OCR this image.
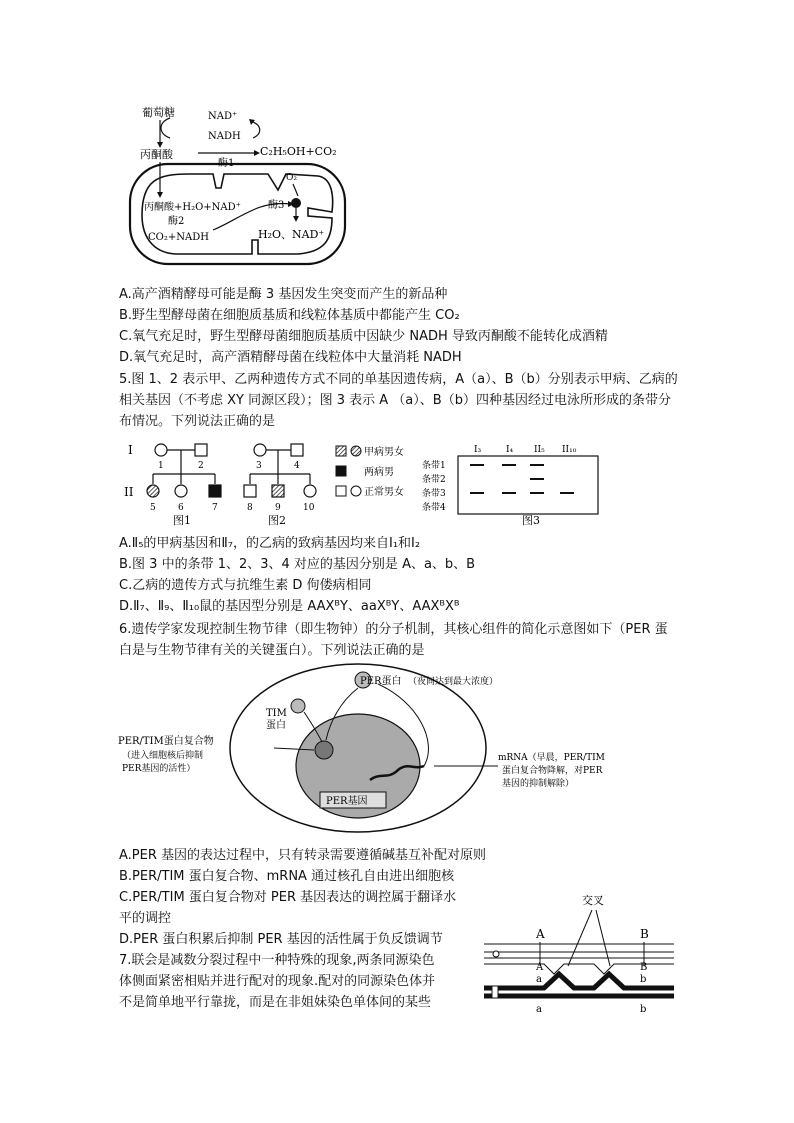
葡萄糖	NAD⁺
NADH
丙酮酸
酶1
C₂H₅OH+CO₂
O₂
丙酮酸+H₂O+NAD⁺
酶2
CO₂+NADH
酶3
H₂O、NAD⁺
A.高产酒精酵母可能是酶 3 基因发生突变而产生的新品种
B.野生型酵母菌在细胞质基质和线粒体基质中都能产生 CO₂
C.氧气充足时，野生型酵母菌细胞质基质中因缺少 NADH 导致丙酮酸不能转化成酒精
D.氧气充足时，高产酒精酵母菌在线粒体中大量消耗 NADH
5.图 1、2 表示甲、乙两种遗传方式不同的单基因遗传病，A（a）、B（b）分别表示甲病、乙病的相关基因（不考虑 XY 同源区段）；图 3 表示 A （a）、B（b）四种基因经过电泳所形成的条带分布情况。下列说法正确的是
I
II
1	2
5 6	7
图1
3	4
8 9 10
图2
甲病男女
两病男
正常男女
I₃	I₄ II₅ II₁₀
条带1
条带2
条带3
条带4
图3
A.Ⅱ₅的甲病基因和Ⅱ₇，的乙病的致病基因均来自Ⅰ₁和Ⅰ₂
B.图 3 中的条带 1、2、3、4 对应的基因分别是 A、a、b、B
C.乙病的遗传方式与抗维生素 D 佝偻病相同
D.Ⅱ₇、Ⅱ₉、Ⅱ₁₀鼠的基因型分别是 AAXᴮY、aaXᴮY、AAXᴮXᴮ
6.遗传学家发现控制生物节律（即生物钟）的分子机制，其核心组件的简化示意图如下（PER 蛋白是与生物节律有关的关键蛋白）。下列说法正确的是
PER基因
PER蛋白 （夜间达到最大浓度）
TIM
蛋白
PER/TIM蛋白复合物
（进入细胞核后抑制
PER基因的活性）
mRNA（早晨，PER/TIM
蛋白复合物降解，对PER
基因的抑制解除）
A.PER 基因的表达过程中，只有转录需要遵循碱基互补配对原则
B.PER/TIM 蛋白复合物、mRNA 通过核孔自由进出细胞核
C.PER/TIM 蛋白复合物对 PER 基因表达的调控属于翻译水
平的调控
D.PER 蛋白积累后抑制 PER 基因的活性属于负反馈调节
7.联会是减数分裂过程中一种特殊的现象,两条同源染色
体侧面紧密相贴并进行配对的现象.配对的同源染色体并
不是简单地平行靠拢，而是在非姐妹染色单体间的某些
交叉
A	B
A	B
a	b
a	b
